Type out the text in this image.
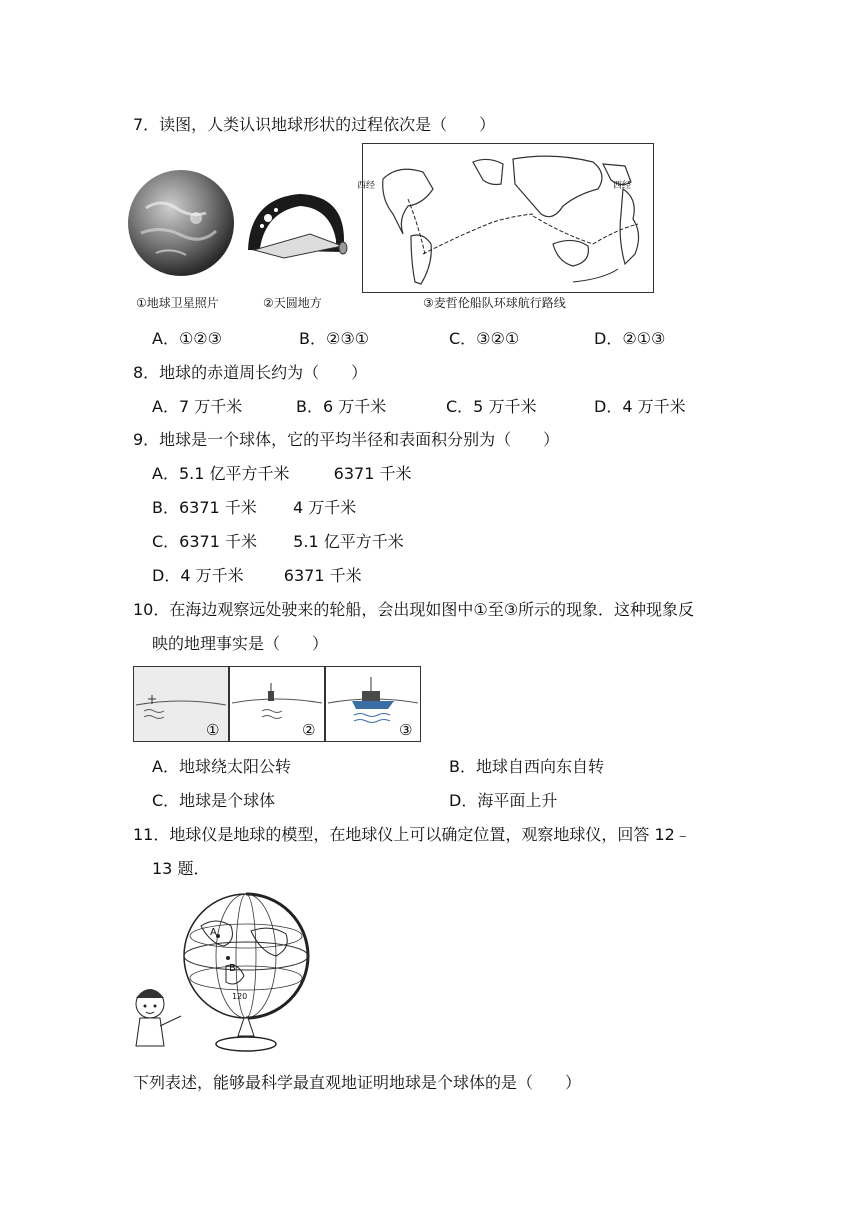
7．读图，人类认识地球形状的过程依次是（　　）
西经	西经
①地球卫星照片	②天圆地方	③麦哲伦船队环球航行路线
A．①②③	B．②③①	C．③②①	D．②①③
8．地球的赤道周长约为（　　）
A．7 万千米	B．6 万千米	C．5 万千米	D．4 万千米
9．地球是一个球体，它的平均半径和表面积分别为（　　）
A．5.1 亿平方千米	6371 千米
B．6371 千米 4 万千米
C．6371 千米 5.1 亿平方千米
D．4 万千米	6371 千米
10．在海边观察远处驶来的轮船，会出现如图中①至③所示的现象．这种现象反
映的地理事实是（　　）
①	②	③
A．地球绕太阳公转	B．地球自西向东自转
C．地球是个球体	D．海平面上升
11．地球仪是地球的模型，在地球仪上可以确定位置，观察地球仪，回答 12﹣
13 题．
A
B
120
下列表述，能够最科学最直观地证明地球是个球体的是（　　）
